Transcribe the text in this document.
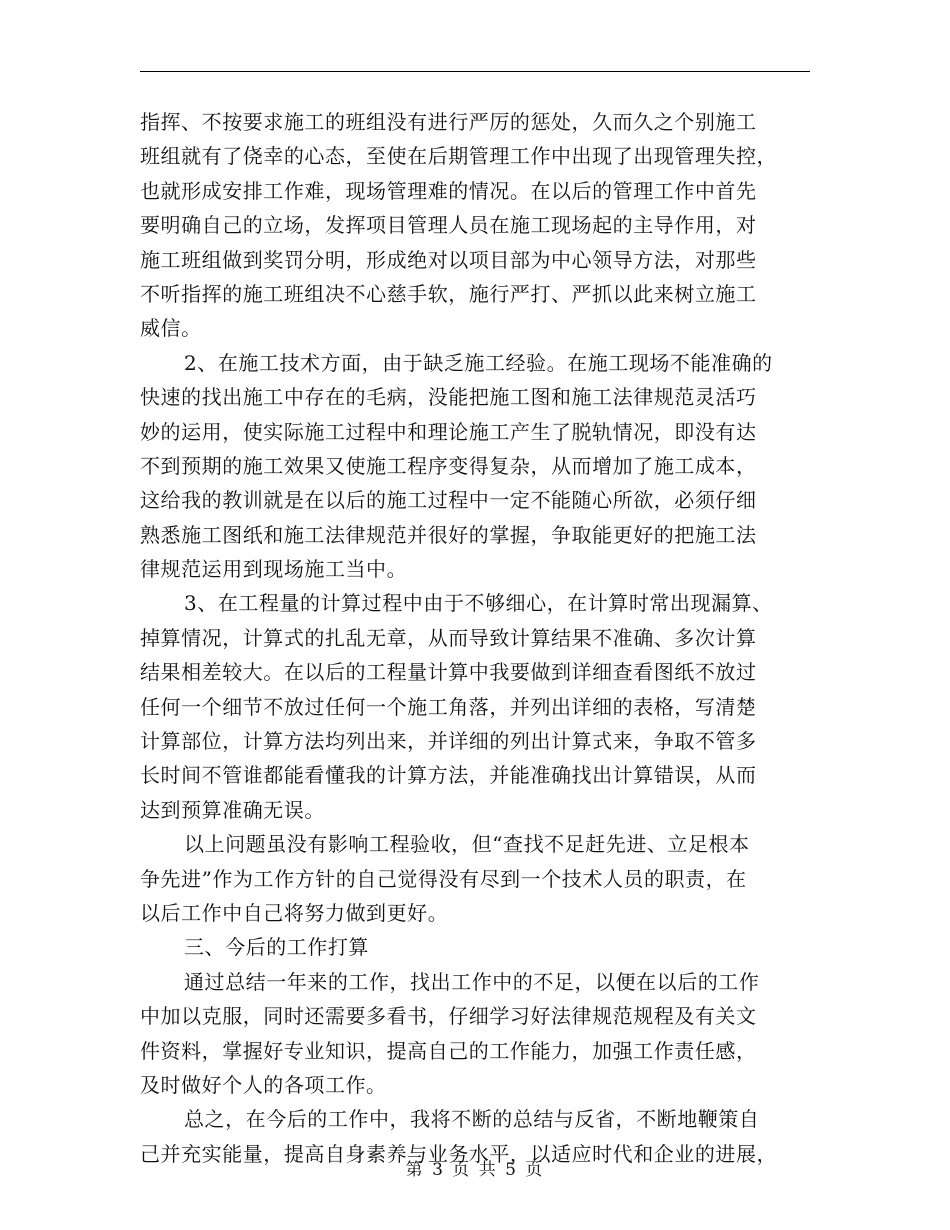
指挥、不按要求施工的班组没有进行严厉的惩处，久而久之个别施工
班组就有了侥幸的心态，至使在后期管理工作中出现了出现管理失控，
也就形成安排工作难，现场管理难的情况。在以后的管理工作中首先
要明确自己的立场，发挥项目管理人员在施工现场起的主导作用，对
施工班组做到奖罚分明，形成绝对以项目部为中心领导方法，对那些
不听指挥的施工班组决不心慈手软，施行严打、严抓以此来树立施工
威信。
2、在施工技术方面，由于缺乏施工经验。在施工现场不能准确的
快速的找出施工中存在的毛病，没能把施工图和施工法律规范灵活巧
妙的运用，使实际施工过程中和理论施工产生了脱轨情况，即没有达
不到预期的施工效果又使施工程序变得复杂，从而增加了施工成本，
这给我的教训就是在以后的施工过程中一定不能随心所欲，必须仔细
熟悉施工图纸和施工法律规范并很好的掌握，争取能更好的把施工法
律规范运用到现场施工当中。
3、在工程量的计算过程中由于不够细心，在计算时常出现漏算、
掉算情况，计算式的扎乱无章，从而导致计算结果不准确、多次计算
结果相差较大。在以后的工程量计算中我要做到详细查看图纸不放过
任何一个细节不放过任何一个施工角落，并列出详细的表格，写清楚
计算部位，计算方法均列出来，并详细的列出计算式来，争取不管多
长时间不管谁都能看懂我的计算方法，并能准确找出计算错误，从而
达到预算准确无误。
以上问题虽没有影响工程验收，但“查找不足赶先进、立足根本
争先进”作为工作方针的自己觉得没有尽到一个技术人员的职责，在
以后工作中自己将努力做到更好。
三、今后的工作打算
通过总结一年来的工作，找出工作中的不足，以便在以后的工作
中加以克服，同时还需要多看书，仔细学习好法律规范规程及有关文
件资料，掌握好专业知识，提高自己的工作能力，加强工作责任感，
及时做好个人的各项工作。
总之，在今后的工作中，我将不断的总结与反省，不断地鞭策自
己并充实能量，提高自身素养与业务水平，以适应时代和企业的进展，
第 3 页 共 5 页
